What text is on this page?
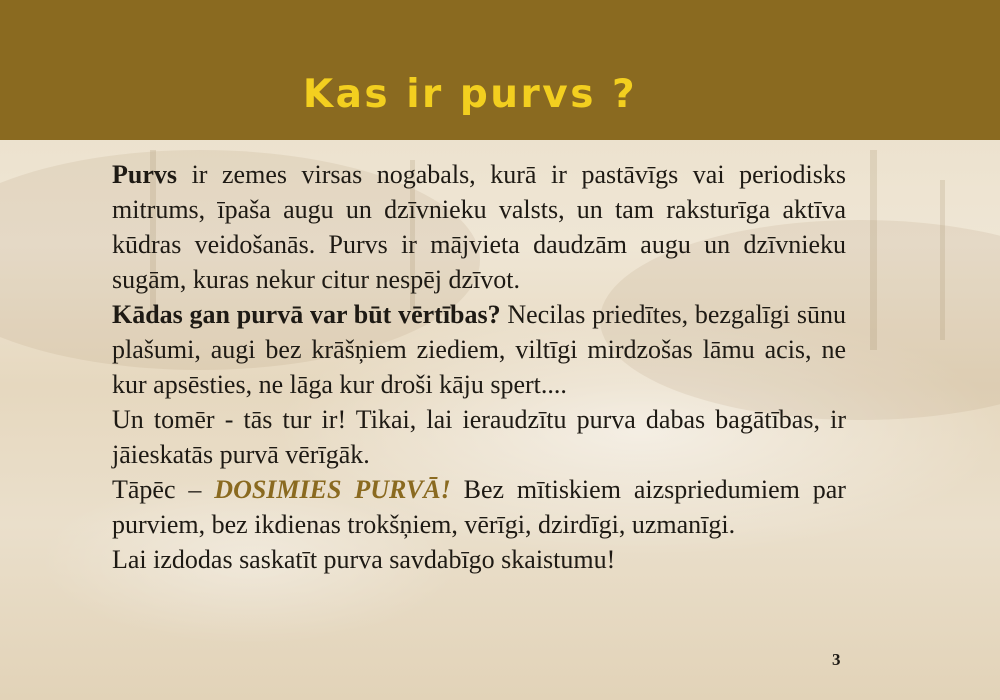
Kas ir purvs ?

Purvs ir zemes virsas nogabals, kurā ir pastāvīgs vai periodisks mitrums, īpaša augu un dzīvnieku valsts, un tam raksturīga aktīva kūdras veidošanās. Purvs ir mājvieta daudzām augu un dzīvnieku sugām, kuras nekur citur nespēj dzīvot.

Kādas gan purvā var būt vērtības? Necilas priedītes, bezgalīgi sūnu plašumi, augi bez krāšņiem ziediem, viltīgi mirdzošas lāmu acis, ne kur apsēsties, ne lāga kur droši kāju spert....

Un tomēr - tās tur ir! Tikai, lai ieraudzītu purva dabas bagātības, ir jāieskatās purvā vērīgāk.

Tāpēc – DOSIMIES PURVĀ! Bez mītiskiem aizspriedumiem par purviem, bez ikdienas trokšņiem, vērīgi, dzirdīgi, uzmanīgi.

Lai izdodas saskatīt purva savdabīgo skaistumu!

3
